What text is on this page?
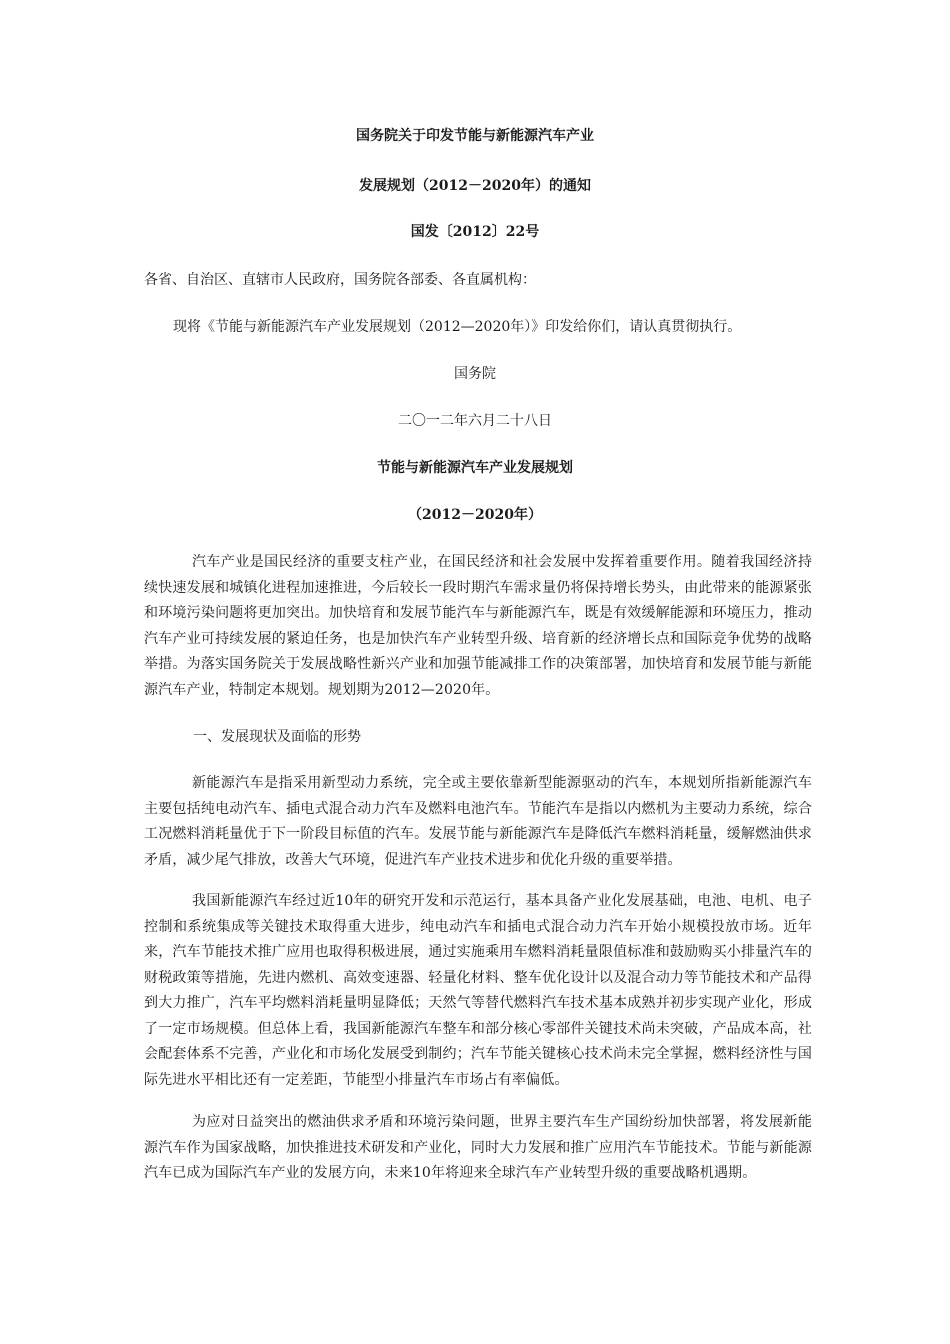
国务院关于印发节能与新能源汽车产业
发展规划（2012－2020年）的通知
国发〔2012〕22号
各省、自治区、直辖市人民政府，国务院各部委、各直属机构：
现将《节能与新能源汽车产业发展规划（2012—2020年）》印发给你们，请认真贯彻执行。
国务院
二〇一二年六月二十八日
节能与新能源汽车产业发展规划
（2012－2020年）
汽车产业是国民经济的重要支柱产业，在国民经济和社会发展中发挥着重要作用。随着我国经济持续快速发展和城镇化进程加速推进，今后较长一段时期汽车需求量仍将保持增长势头，由此带来的能源紧张和环境污染问题将更加突出。加快培育和发展节能汽车与新能源汽车，既是有效缓解能源和环境压力，推动汽车产业可持续发展的紧迫任务，也是加快汽车产业转型升级、培育新的经济增长点和国际竞争优势的战略举措。为落实国务院关于发展战略性新兴产业和加强节能减排工作的决策部署，加快培育和发展节能与新能源汽车产业，特制定本规划。规划期为2012—2020年。
一、发展现状及面临的形势
新能源汽车是指采用新型动力系统，完全或主要依靠新型能源驱动的汽车，本规划所指新能源汽车主要包括纯电动汽车、插电式混合动力汽车及燃料电池汽车。节能汽车是指以内燃机为主要动力系统，综合工况燃料消耗量优于下一阶段目标值的汽车。发展节能与新能源汽车是降低汽车燃料消耗量，缓解燃油供求矛盾，减少尾气排放，改善大气环境，促进汽车产业技术进步和优化升级的重要举措。
我国新能源汽车经过近10年的研究开发和示范运行，基本具备产业化发展基础，电池、电机、电子控制和系统集成等关键技术取得重大进步，纯电动汽车和插电式混合动力汽车开始小规模投放市场。近年来，汽车节能技术推广应用也取得积极进展，通过实施乘用车燃料消耗量限值标准和鼓励购买小排量汽车的财税政策等措施，先进内燃机、高效变速器、轻量化材料、整车优化设计以及混合动力等节能技术和产品得到大力推广，汽车平均燃料消耗量明显降低；天然气等替代燃料汽车技术基本成熟并初步实现产业化，形成了一定市场规模。但总体上看，我国新能源汽车整车和部分核心零部件关键技术尚未突破，产品成本高，社会配套体系不完善，产业化和市场化发展受到制约；汽车节能关键核心技术尚未完全掌握，燃料经济性与国际先进水平相比还有一定差距，节能型小排量汽车市场占有率偏低。
为应对日益突出的燃油供求矛盾和环境污染问题，世界主要汽车生产国纷纷加快部署，将发展新能源汽车作为国家战略，加快推进技术研发和产业化，同时大力发展和推广应用汽车节能技术。节能与新能源汽车已成为国际汽车产业的发展方向，未来10年将迎来全球汽车产业转型升级的重要战略机遇期。
